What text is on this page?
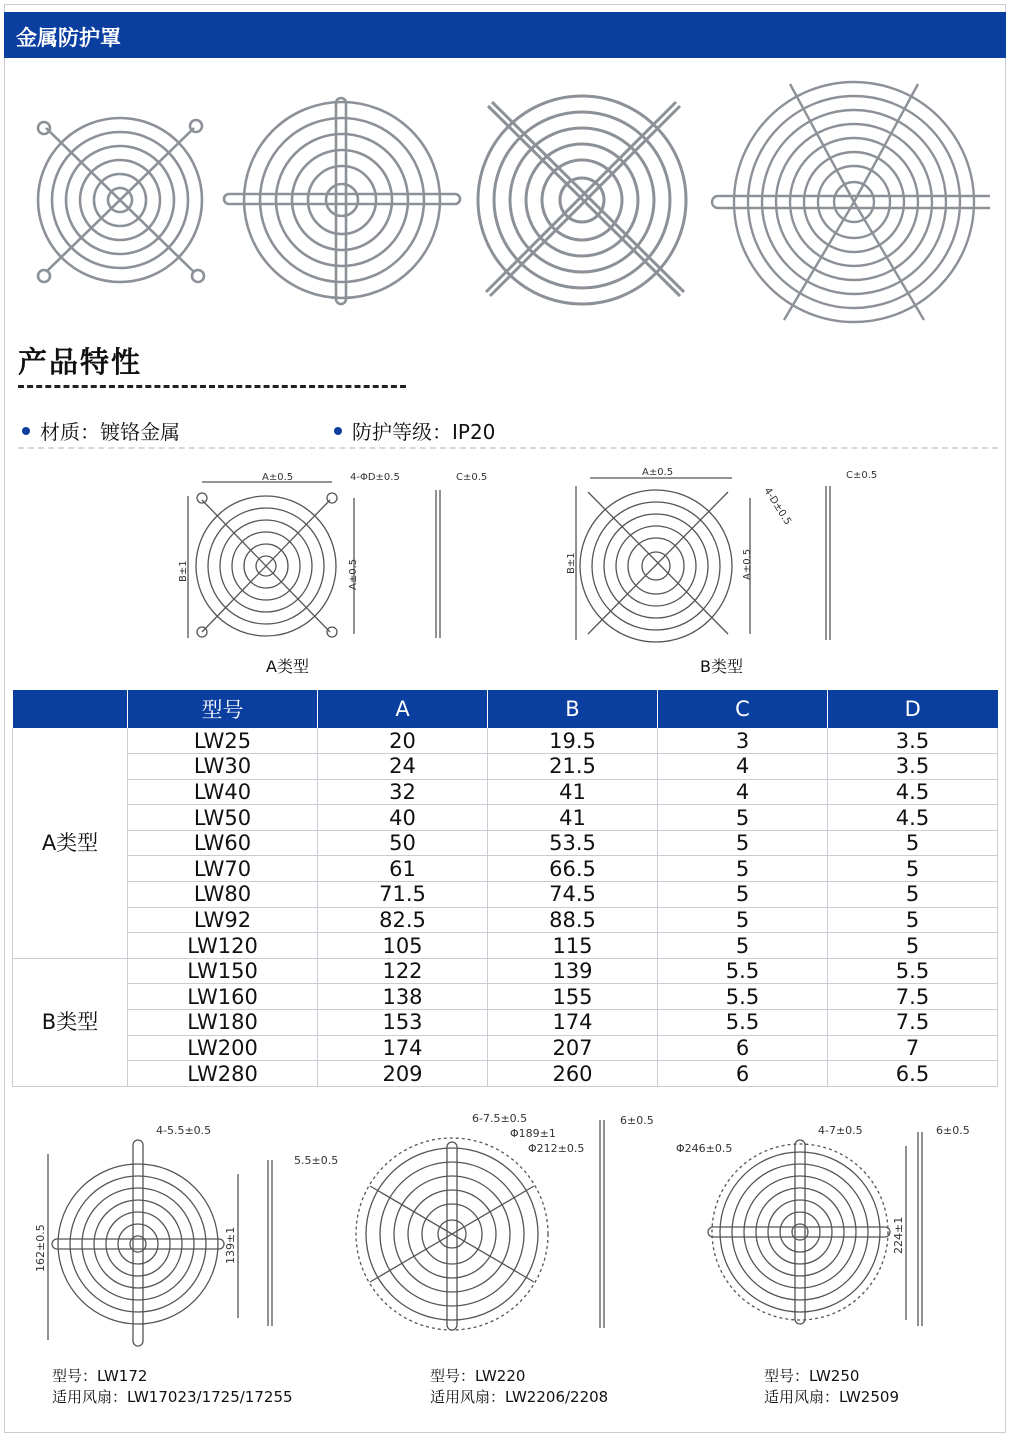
金属防护罩
产品特性
材质：镀铬金属	防护等级：IP20
A±0.5	4-ΦD±0.5	C±0.5
B±1	A±0.5
A类型
A±0.5
4-D±0.5
C±0.5
B±1	A±0.5
B类型
	型号	A	B	C	D
A类型	LW25	20	19.5	3	3.5
	LW30	24	21.5	4	3.5
	LW40	32	41	4	4.5
	LW50	40	41	5	4.5
	LW60	50	53.5	5	5
	LW70	61	66.5	5	5
	LW80	71.5	74.5	5	5
	LW92	82.5	88.5	5	5
	LW120	105	115	5	5
B类型	LW150	122	139	5.5	5.5
	LW160	138	155	5.5	7.5
	LW180	153	174	5.5	7.5
	LW200	174	207	6	7
	LW280	209	260	6	6.5
4-5.5±0.5
5.5±0.5
162±0.5	139±1
6-7.5±0.5
Φ189±1
Φ212±0.5
6±0.5
4-7±0.5
Φ246±0.5
6±0.5
224±1
型号：LW172
适用风扇：LW17023/1725/17255
型号：LW220
适用风扇：LW2206/2208
型号：LW250
适用风扇：LW2509
